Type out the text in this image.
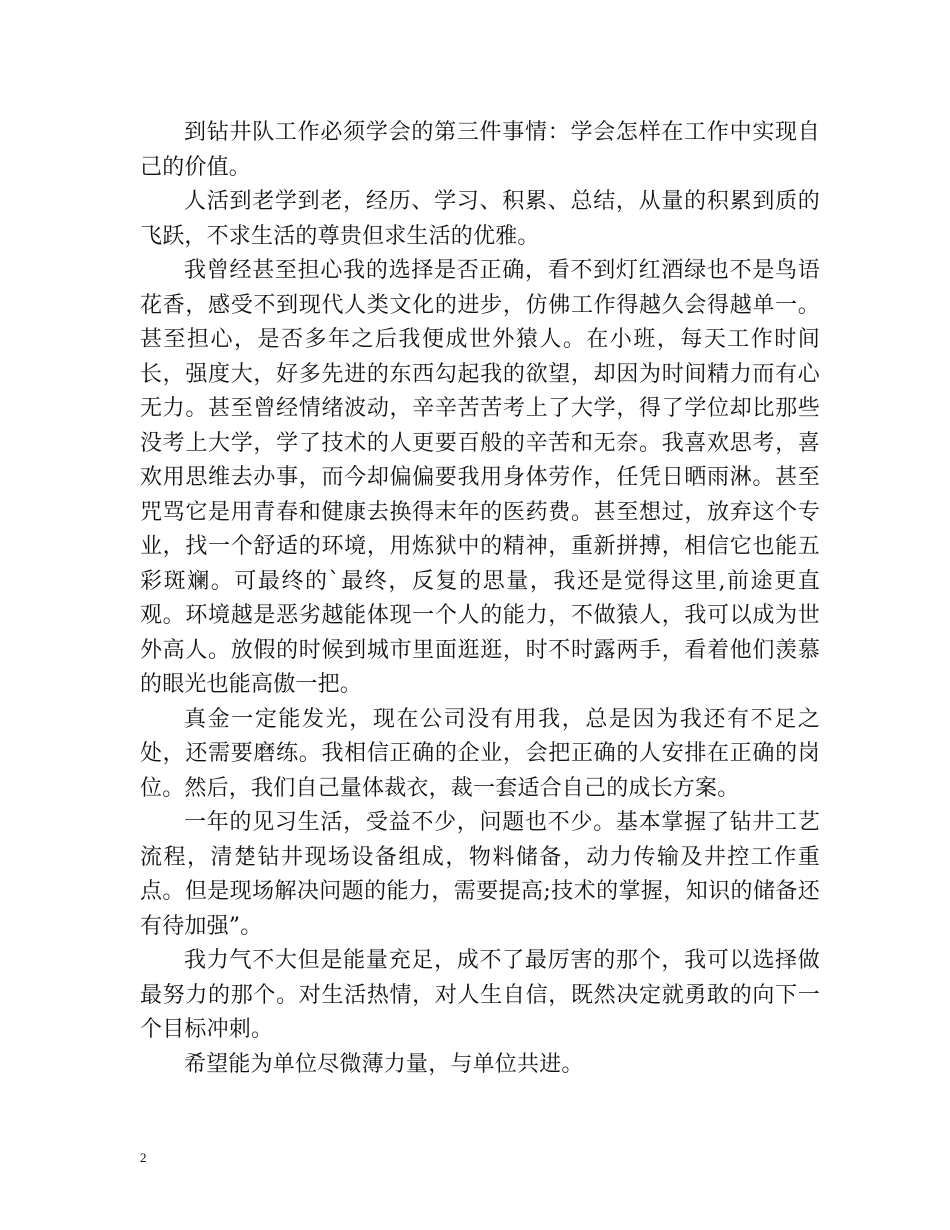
到钻井队工作必须学会的第三件事情：学会怎样在工作中实现自己的价值。

人活到老学到老，经历、学习、积累、总结，从量的积累到质的飞跃，不求生活的尊贵但求生活的优雅。

我曾经甚至担心我的选择是否正确，看不到灯红酒绿也不是鸟语花香，感受不到现代人类文化的进步，仿佛工作得越久会得越单一。甚至担心，是否多年之后我便成世外猿人。在小班，每天工作时间长，强度大，好多先进的东西勾起我的欲望，却因为时间精力而有心无力。甚至曾经情绪波动，辛辛苦苦考上了大学，得了学位却比那些没考上大学，学了技术的人更要百般的辛苦和无奈。我喜欢思考，喜欢用思维去办事，而今却偏偏要我用身体劳作，任凭日晒雨淋。甚至咒骂它是用青春和健康去换得末年的医药费。甚至想过，放弃这个专业，找一个舒适的环境，用炼狱中的精神，重新拼搏，相信它也能五彩斑斓。可最终的`最终，反复的思量，我还是觉得这里,前途更直观。环境越是恶劣越能体现一个人的能力，不做猿人，我可以成为世外高人。放假的时候到城市里面逛逛，时不时露两手，看着他们羡慕的眼光也能高傲一把。

真金一定能发光，现在公司没有用我，总是因为我还有不足之处，还需要磨练。我相信正确的企业，会把正确的人安排在正确的岗位。然后，我们自己量体裁衣，裁一套适合自己的成长方案。

一年的见习生活，受益不少，问题也不少。基本掌握了钻井工艺流程，清楚钻井现场设备组成，物料储备，动力传输及井控工作重点。但是现场解决问题的能力，需要提高;技术的掌握，知识的储备还有待加强”。

我力气不大但是能量充足，成不了最厉害的那个，我可以选择做最努力的那个。对生活热情，对人生自信，既然决定就勇敢的向下一个目标冲刺。

希望能为单位尽微薄力量，与单位共进。

2
